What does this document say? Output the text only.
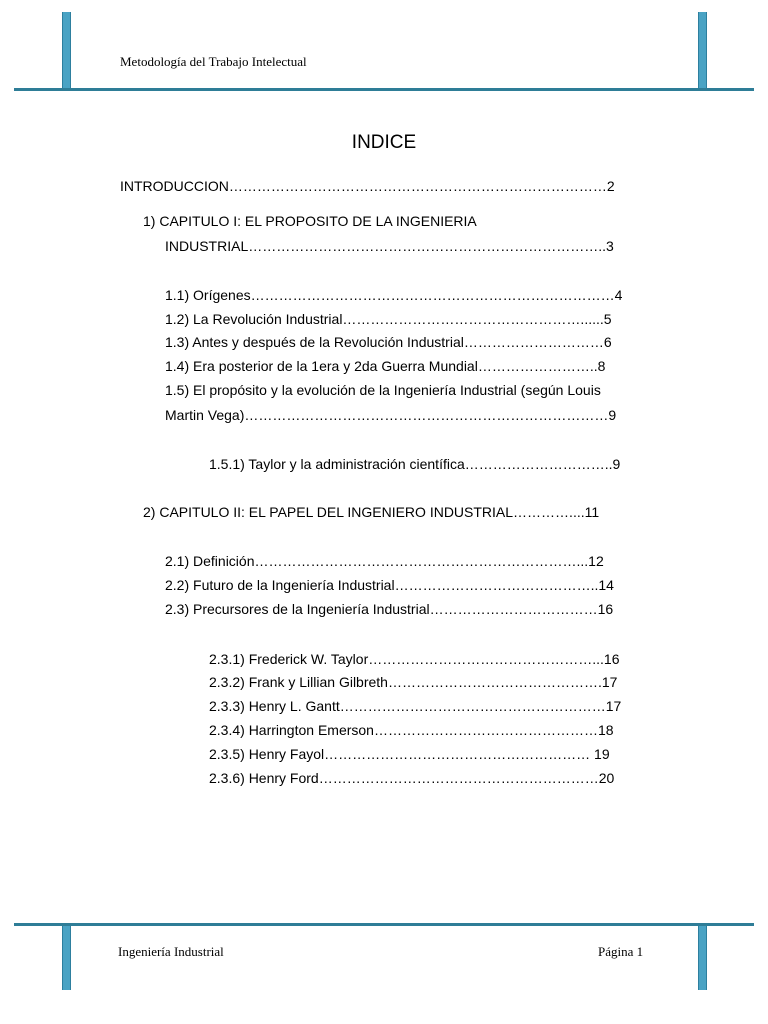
Metodología del Trabajo Intelectual
Ingeniería Industrial	Página 1
INDICE
INTRODUCCION………………………………………………………………………2
1) CAPITULO I: EL PROPOSITO DE LA INGENIERIA
INDUSTRIAL…………………………………………………………………..3
1.1) Orígenes……………………………………………………………………4
1.2) La Revolución Industrial……………………………………………......5
1.3) Antes y después de la Revolución Industrial…………………………6
1.4) Era posterior de la 1era y 2da Guerra Mundial……………………..8
1.5) El propósito y la evolución de la Ingeniería Industrial (según Louis
Martin Vega)……………………………………………………………………9
1.5.1) Taylor y la administración científica…………………………..9
2) CAPITULO II: EL PAPEL DEL INGENIERO INDUSTRIAL…………....11
2.1) Definición……………………………………………………………...12
2.2) Futuro de la Ingeniería Industrial……………………………………..14
2.3) Precursores de la Ingeniería Industrial………………………………16
2.3.1) Frederick W. Taylor…………………………………………...16
2.3.2) Frank y Lillian Gilbreth……………………………………….17
2.3.3) Henry L. Gantt…………………………………………………17
2.3.4) Harrington Emerson…………………………………………18
2.3.5) Henry Fayol………………………………………………… 19
2.3.6) Henry Ford……………………………………………………20
